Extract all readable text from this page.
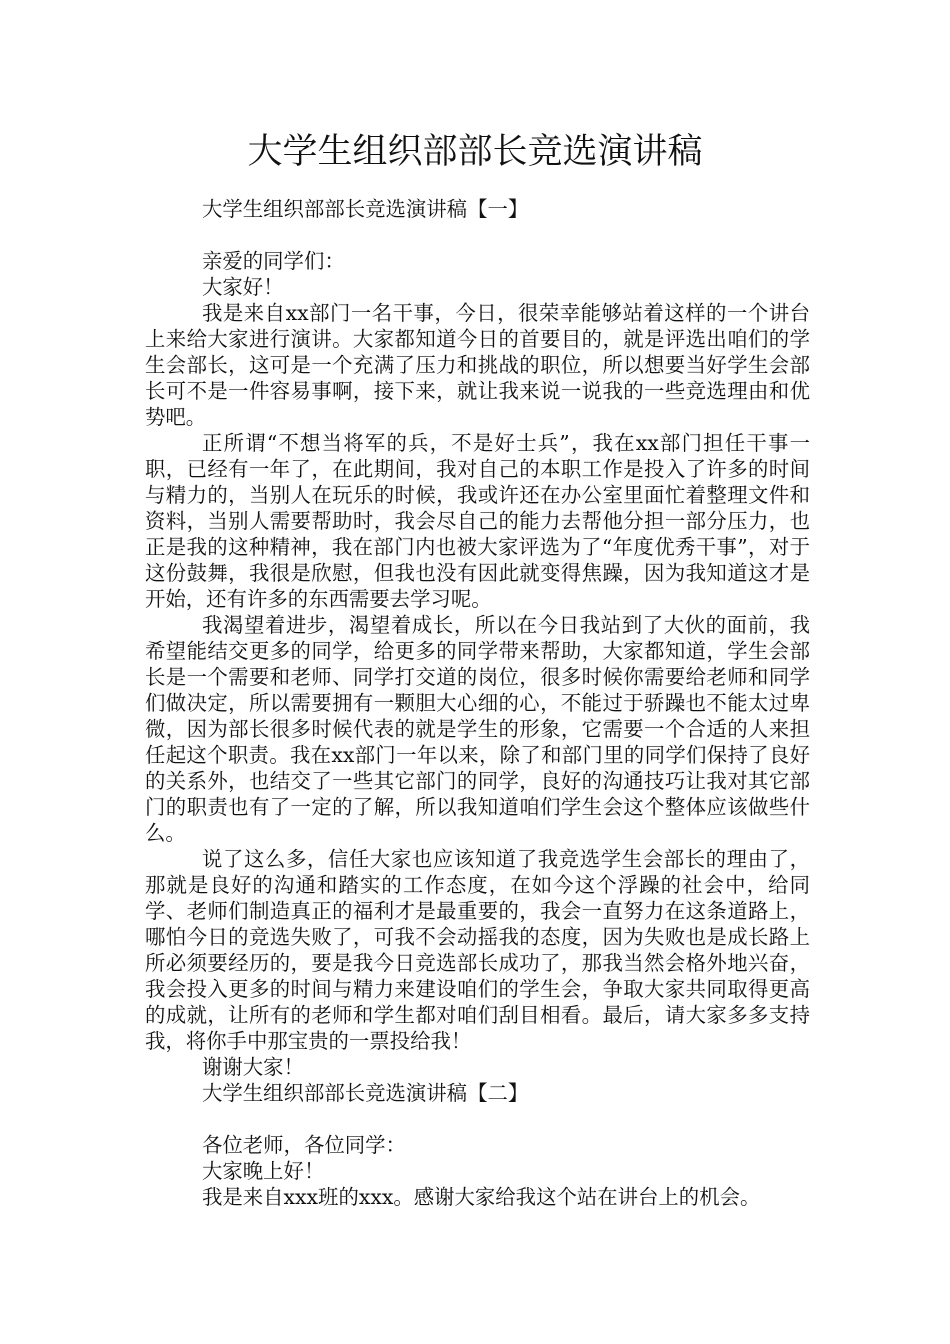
大学生组织部部长竞选演讲稿

大学生组织部部长竞选演讲稿【一】

亲爱的同学们：

大家好！

我是来自xx部门一名干事，今日，很荣幸能够站着这样的一个讲台上来给大家进行演讲。大家都知道今日的首要目的，就是评选出咱们的学生会部长，这可是一个充满了压力和挑战的职位，所以想要当好学生会部长可不是一件容易事啊，接下来，就让我来说一说我的一些竞选理由和优势吧。

正所谓“不想当将军的兵，不是好士兵”，我在xx部门担任干事一职，已经有一年了，在此期间，我对自己的本职工作是投入了许多的时间与精力的，当别人在玩乐的时候，我或许还在办公室里面忙着整理文件和资料，当别人需要帮助时，我会尽自己的能力去帮他分担一部分压力，也正是我的这种精神，我在部门内也被大家评选为了“年度优秀干事”，对于这份鼓舞，我很是欣慰，但我也没有因此就变得焦躁，因为我知道这才是开始，还有许多的东西需要去学习呢。

我渴望着进步，渴望着成长，所以在今日我站到了大伙的面前，我希望能结交更多的同学，给更多的同学带来帮助，大家都知道，学生会部长是一个需要和老师、同学打交道的岗位，很多时候你需要给老师和同学们做决定，所以需要拥有一颗胆大心细的心，不能过于骄躁也不能太过卑微，因为部长很多时候代表的就是学生的形象，它需要一个合适的人来担任起这个职责。我在xx部门一年以来，除了和部门里的同学们保持了良好的关系外，也结交了一些其它部门的同学，良好的沟通技巧让我对其它部门的职责也有了一定的了解，所以我知道咱们学生会这个整体应该做些什么。

说了这么多，信任大家也应该知道了我竞选学生会部长的理由了，那就是良好的沟通和踏实的工作态度，在如今这个浮躁的社会中，给同学、老师们制造真正的福利才是最重要的，我会一直努力在这条道路上，哪怕今日的竞选失败了，可我不会动摇我的态度，因为失败也是成长路上所必须要经历的，要是我今日竞选部长成功了，那我当然会格外地兴奋，我会投入更多的时间与精力来建设咱们的学生会，争取大家共同取得更高的成就，让所有的老师和学生都对咱们刮目相看。最后，请大家多多支持我，将你手中那宝贵的一票投给我！

谢谢大家！

大学生组织部部长竞选演讲稿【二】

各位老师，各位同学：

大家晚上好！

我是来自xxx班的xxx。感谢大家给我这个站在讲台上的机会。
